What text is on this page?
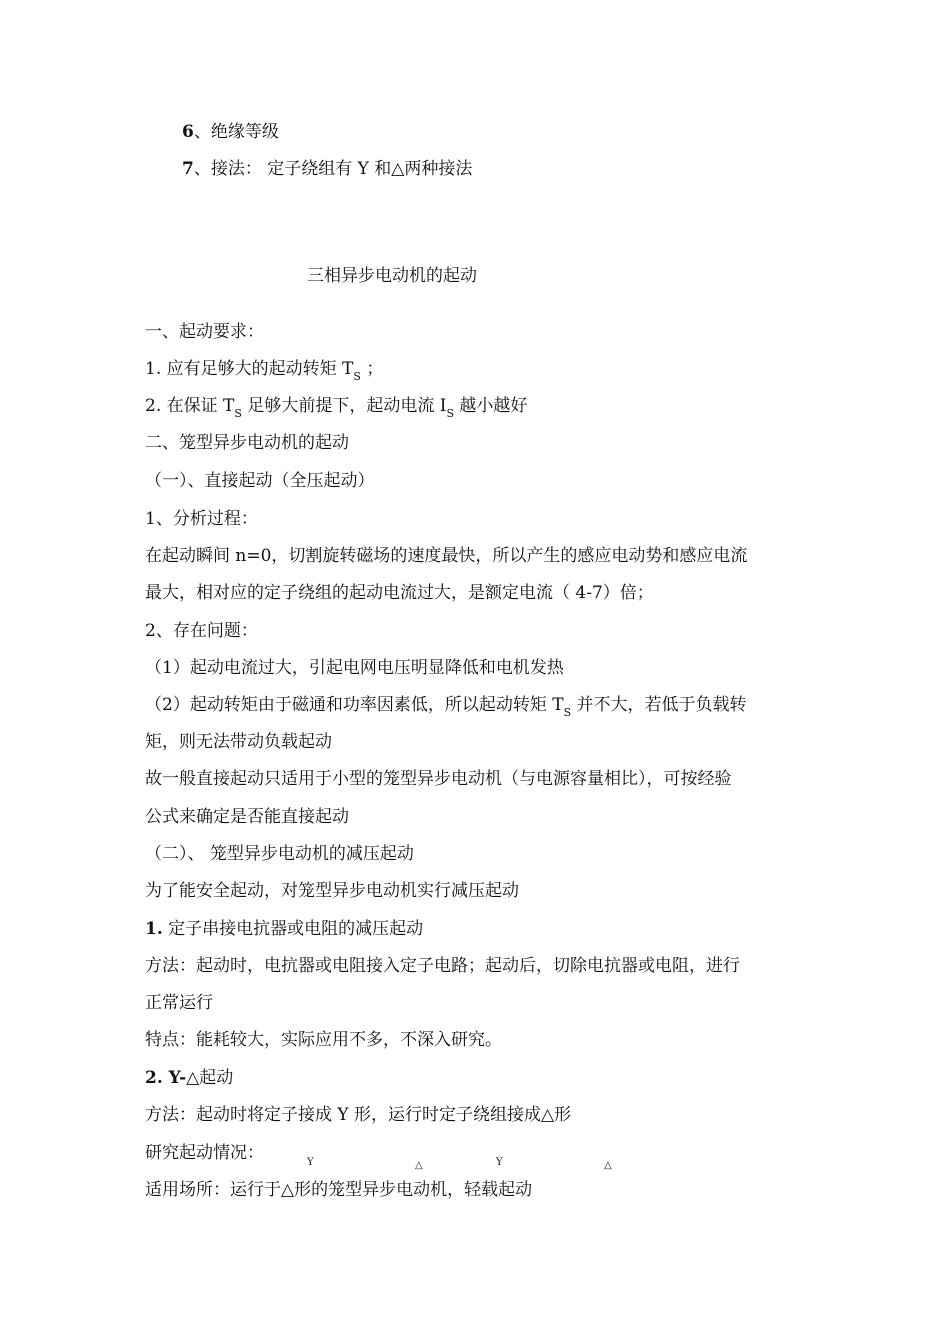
6、绝缘等级
7、接法： 定子绕组有 Y 和△两种接法
三相异步电动机的起动
一、起动要求：
1. 应有足够大的起动转矩 $T_S$ ；
2. 在保证 $T_S$ 足够大前提下，起动电流 $I_S$ 越小越好
二、笼型异步电动机的起动
（一）、直接起动（全压起动）
1、分析过程：
在起动瞬间 n=0，切割旋转磁场的速度最快，所以产生的感应电动势和感应电流
最大，相对应的定子绕组的起动电流过大，是额定电流（ 4-7）倍；
2、存在问题：
（1）起动电流过大，引起电网电压明显降低和电机发热
（2）起动转矩由于磁通和功率因素低，所以起动转矩 $T_S$ 并不大，若低于负载转
矩，则无法带动负载起动
故一般直接起动只适用于小型的笼型异步电动机（与电源容量相比），可按经验
公式来确定是否能直接起动
（二）、 笼型异步电动机的减压起动
为了能安全起动，对笼型异步电动机实行减压起动
1. 定子串接电抗器或电阻的减压起动
方法：起动时，电抗器或电阻接入定子电路；起动后，切除电抗器或电阻，进行
正常运行
特点：能耗较大，实际应用不多，不深入研究。
2. Y-△起动
方法：起动时将定子接成 Y 形，运行时定子绕组接成△形
研究起动情况：	Y	△	Y	△
适用场所：运行于△形的笼型异步电动机，轻载起动
